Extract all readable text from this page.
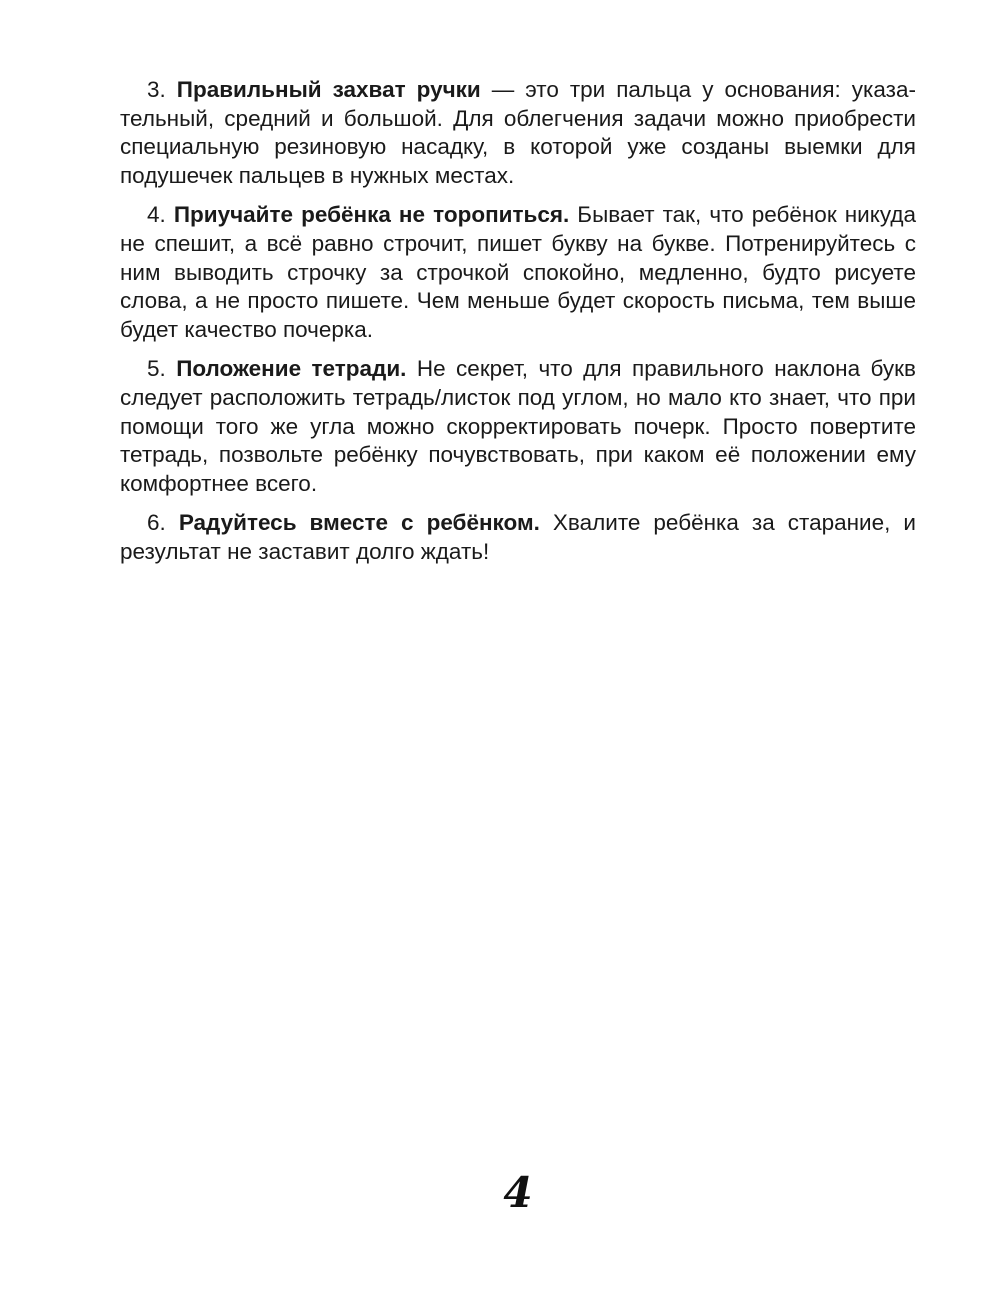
3. Правильный захват ручки — это три пальца у основания: указательный, средний и большой. Для облегчения задачи можно приобрести специальную резиновую насадку, в которой уже созданы выемки для подушечек пальцев в нужных местах.

4. Приучайте ребёнка не торопиться. Бывает так, что ребёнок никуда не спешит, а всё равно строчит, пишет букву на букве. Потренируйтесь с ним выводить строчку за строчкой спокойно, медленно, будто рисуете слова, а не просто пишете. Чем меньше будет скорость письма, тем выше будет качество почерка.

5. Положение тетради. Не секрет, что для правильного наклона букв следует расположить тетрадь/листок под углом, но мало кто знает, что при помощи того же угла можно скорректировать почерк. Просто повертите тетрадь, позвольте ребёнку почувствовать, при каком её положении ему комфортнее всего.

6. Радуйтесь вместе с ребёнком. Хвалите ребёнка за старание, и результат не заставит долго ждать!

4
